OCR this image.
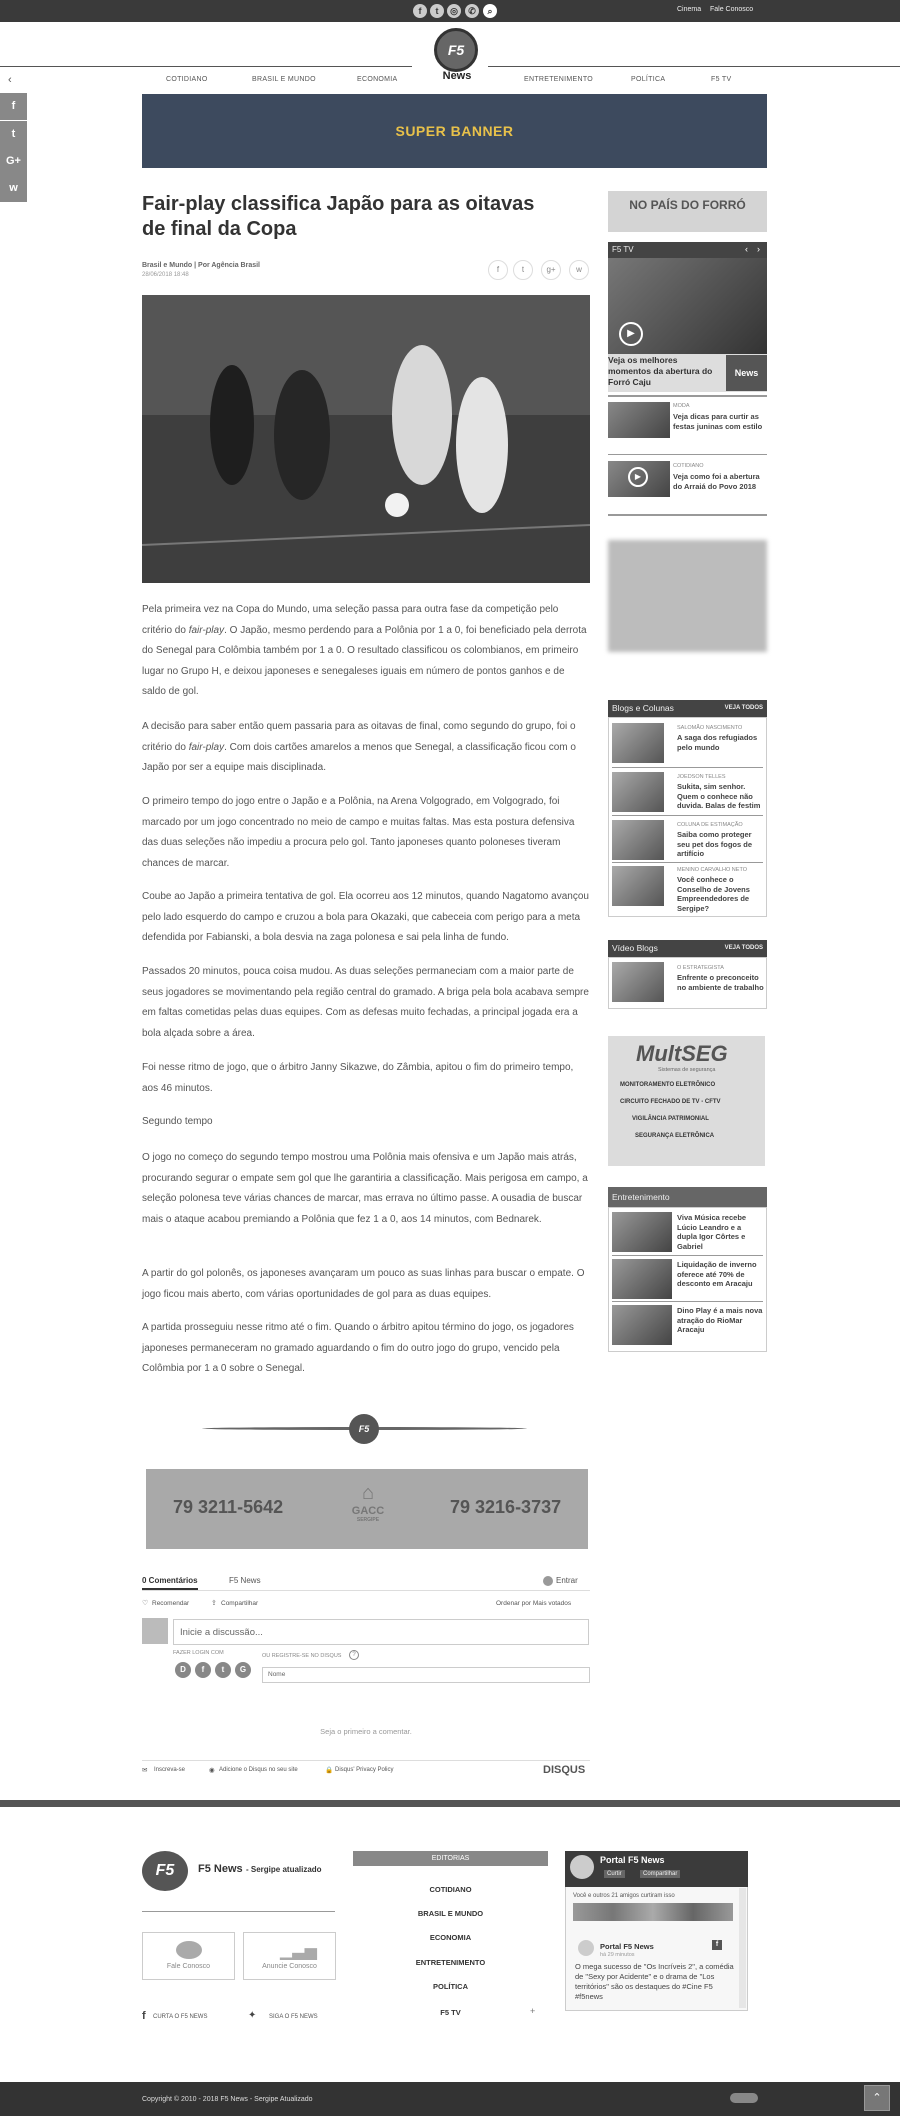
f	t	◎	✆	⌕	Cinema Fale Conosco
F5
News
‹	COTIDIANO	BRASIL E MUNDO	ECONOMIA	ENTRETENIMENTO	POLÍTICA	F5 TV
f
t
G+
w
SUPER BANNER
Fair-play classifica Japão para as oitavas de final da Copa
Brasil e Mundo | Por Agência Brasil
28/06/2018 18:48
f	t	g+	w

Pela primeira vez na Copa do Mundo, uma seleção passa para outra fase da competição pelo critério do fair-play. O Japão, mesmo perdendo para a Polônia por 1 a 0, foi beneficiado pela derrota do Senegal para Colômbia também por 1 a 0. O resultado classificou os colombianos, em primeiro lugar no Grupo H, e deixou japoneses e senegaleses iguais em número de pontos ganhos e de saldo de gol.

A decisão para saber então quem passaria para as oitavas de final, como segundo do grupo, foi o critério do fair-play. Com dois cartões amarelos a menos que Senegal, a classificação ficou com o Japão por ser a equipe mais disciplinada.

O primeiro tempo do jogo entre o Japão e a Polônia, na Arena Volgogrado, em Volgogrado, foi marcado por um jogo concentrado no meio de campo e muitas faltas. Mas esta postura defensiva das duas seleções não impediu a procura pelo gol. Tanto japoneses quanto poloneses tiveram chances de marcar.

Coube ao Japão a primeira tentativa de gol. Ela ocorreu aos 12 minutos, quando Nagatomo avançou pelo lado esquerdo do campo e cruzou a bola para Okazaki, que cabeceia com perigo para a meta defendida por Fabianski, a bola desvia na zaga polonesa e sai pela linha de fundo.

Passados 20 minutos, pouca coisa mudou. As duas seleções permaneciam com a maior parte de seus jogadores se movimentando pela região central do gramado. A briga pela bola acabava sempre em faltas cometidas pelas duas equipes. Com as defesas muito fechadas, a principal jogada era a bola alçada sobre a área.

Foi nesse ritmo de jogo, que o árbitro Janny Sikazwe, do Zâmbia, apitou o fim do primeiro tempo, aos 46 minutos.

Segundo tempo

O jogo no começo do segundo tempo mostrou uma Polônia mais ofensiva e um Japão mais atrás, procurando segurar o empate sem gol que lhe garantiria a classificação. Mais perigosa em campo, a seleção polonesa teve várias chances de marcar, mas errava no último passe. A ousadia de buscar mais o ataque acabou premiando a Polônia que fez 1 a 0, aos 14 minutos, com Bednarek.

A partir do gol polonês, os japoneses avançaram um pouco as suas linhas para buscar o empate. O jogo ficou mais aberto, com várias oportunidades de gol para as duas equipes.

A partida prosseguiu nesse ritmo até o fim. Quando o árbitro apitou término do jogo, os jogadores japoneses permaneceram no gramado aguardando o fim do outro jogo do grupo, vencido pela Colômbia por 1 a 0 sobre o Senegal.

NO PAÍS DO FORRÓ
F5 TV	‹ ›
▶
Veja os melhores momentos da abertura do Forró Caju
News
MODA
Veja dicas para curtir as festas juninas com estilo
▶
COTIDIANO
Veja como foi a abertura do Arraiá do Povo 2018
Blogs e Colunas	VEJA TODOS
SALOMÃO NASCIMENTO
A saga dos refugiados pelo mundo
JOEDSON TELLES
Sukita, sim senhor. Quem o conhece não duvida. Balas de festim
COLUNA DE ESTIMAÇÃO
Saiba como proteger seu pet dos fogos de artifício
MENINO CARVALHO NETO
Você conhece o Conselho de Jovens Empreendedores de Sergipe?
Vídeo Blogs	VEJA TODOS
O ESTRATEGISTA
Enfrente o preconceito no ambiente de trabalho
MultSEG
Sistemas de segurança
MONITORAMENTO ELETRÔNICO
CIRCUITO FECHADO DE TV - CFTV
VIGILÂNCIA PATRIMONIAL
SEGURANÇA ELETRÔNICA
Entretenimento
Viva Música recebe Lúcio Leandro e a dupla Igor Côrtes e Gabriel
Liquidação de inverno oferece até 70% de desconto em Aracaju
Dino Play é a mais nova atração do RioMar Aracaju
F5
79 3211-5642	79 3216-3737
⌂
GACC
SERGIPE
0 Comentários	F5 News	Entrar
♡ Recomendar	⇪ Compartilhar	Ordenar por Mais votados
Inicie a discussão...
FAZER LOGIN COM	OU REGISTRE-SE NO DISQUS	?
D	f	t	G
Nome
Seja o primeiro a comentar.
✉ Inscreva-se	◉ Adicione o Disqus no seu site	🔒 Disqus' Privacy Policy	DISQUS
F5	F5 News - Sergipe atualizado
Fale Conosco
▁▃▅
Anuncie Conosco
f CURTA O F5 NEWS	✦ SIGA O F5 NEWS
EDITORIAS
COTIDIANO
BRASIL E MUNDO
ECONOMIA
ENTRETENIMENTO
POLÍTICA
F5 TV	+
Portal F5 News
Curtir	Compartilhar
Você e outros 21 amigos curtiram isso
Portal F5 News
há 29 minutos
f
O mega sucesso de "Os Incríveis 2", a comédia de "Sexy por Acidente" e o drama de "Los territórios" são os destaques do #Cine F5 #f5news
Copyright © 2010 - 2018 F5 News - Sergipe Atualizado	⌃
